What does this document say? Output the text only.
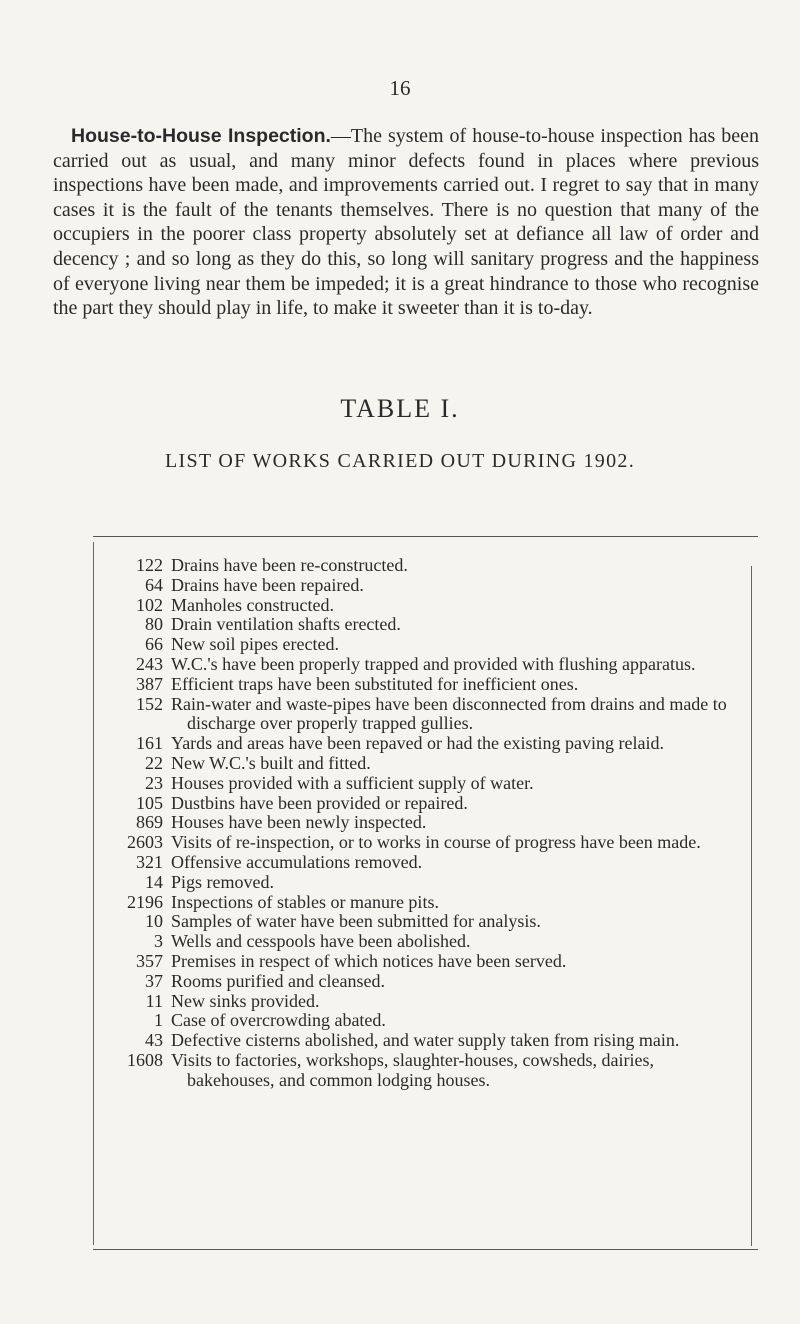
16

House-to-House Inspection.—The system of house-to-house inspection has been carried out as usual, and many minor defects found in places where previous inspections have been made, and improvements carried out. I regret to say that in many cases it is the fault of the tenants themselves. There is no question that many of the occupiers in the poorer class property absolutely set at defiance all law of order and decency ; and so long as they do this, so long will sanitary progress and the happiness of everyone living near them be impeded; it is a great hindrance to those who recognise the part they should play in life, to make it sweeter than it is to-day.

TABLE I.
LIST OF WORKS CARRIED OUT DURING 1902.
122 Drains have been re-constructed.
64 Drains have been repaired.
102 Manholes constructed.
80 Drain ventilation shafts erected.
66 New soil pipes erected.
243 W.C.'s have been properly trapped and provided with flushing apparatus.
387 Efficient traps have been substituted for inefficient ones.
152 Rain-water and waste-pipes have been disconnected from drains and made to discharge over properly trapped gullies.
161 Yards and areas have been repaved or had the existing paving relaid.
22 New W.C.'s built and fitted.
23 Houses provided with a sufficient supply of water.
105 Dustbins have been provided or repaired.
869 Houses have been newly inspected.
2603 Visits of re-inspection, or to works in course of progress have been made.
321 Offensive accumulations removed.
14 Pigs removed.
2196 Inspections of stables or manure pits.
10 Samples of water have been submitted for analysis.
3 Wells and cesspools have been abolished.
357 Premises in respect of which notices have been served.
37 Rooms purified and cleansed.
11 New sinks provided.
1 Case of overcrowding abated.
43 Defective cisterns abolished, and water supply taken from rising main.
1608 Visits to factories, workshops, slaughter-houses, cowsheds, dairies, bakehouses, and common lodging houses.
